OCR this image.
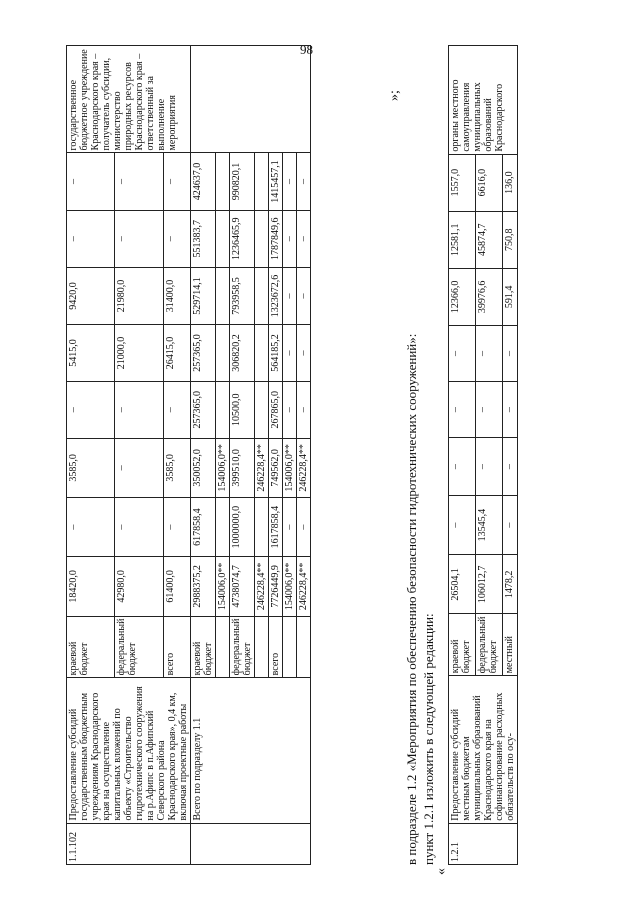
98
1.1.102	Предоставление субсидий государственным бюджетным учреждениям Краснодарского края на осуществление капитальных вложений по объекту «Строительство гидротехнического сооружения на р.Афипс в п.Афипский Северского района Краснодарского края», 0,4 км, включая проектные работы	краевой бюджет	18420,0	–	3585,0	–	5415,0	9420,0	–	–	государственное бюджетное учреждение Краснодарского края – получатель субсидии, министерство природных ресурсов Краснодарского края – ответственный за выполнение мероприятия
		федеральный бюджет	42980,0	–	–	–	21000,0	21980,0	–	–	
		всего	61400,0	–	3585,0	–	26415,0	31400,0	–	–	
	Всего по подразделу 1.1	краевой бюджет	2988375,2	617858,4	350052,0	257365,0	257365,0	529714,1	551383,7	424637,0	
			154006,0**		154006,0**						
		федеральный бюджет	4738074,7	1000000,0	399510,0	10500,0	306820,2	793958,5	1236465,9	990820,1	
			246228,4**		246228,4**						
		всего	7726449,9	1617858,4	749562,0	267865,0	564185,2	1323672,6	1787849,6	1415457,1	
			154006,0**	–	154006,0**	–	–	–	–	–	
			246228,4**	–	246228,4**	–	–	–	–	–	
»;
в подразделе 1.2 «Мероприятия по обеспечению безопасности гидротехнических сооружений»: пункт 1.2.1 изложить в следующей редакции:
«
1.2.1	Предоставление субсидий местным бюджетам муниципальных образований Краснодарского края на софинансирование расходных обязательств по осу-	краевой бюджет	26504,1	–	–	–	–	12366,0	12581,1	1557,0	органы местного самоуправления муниципальных образований Краснодарского
		федеральный бюджет	106012,7	13545,4	–	–	–	39976,6	45874,7	6616,0	
		местный	1478,2	–	–	–	–	591,4	750,8	136,0	
